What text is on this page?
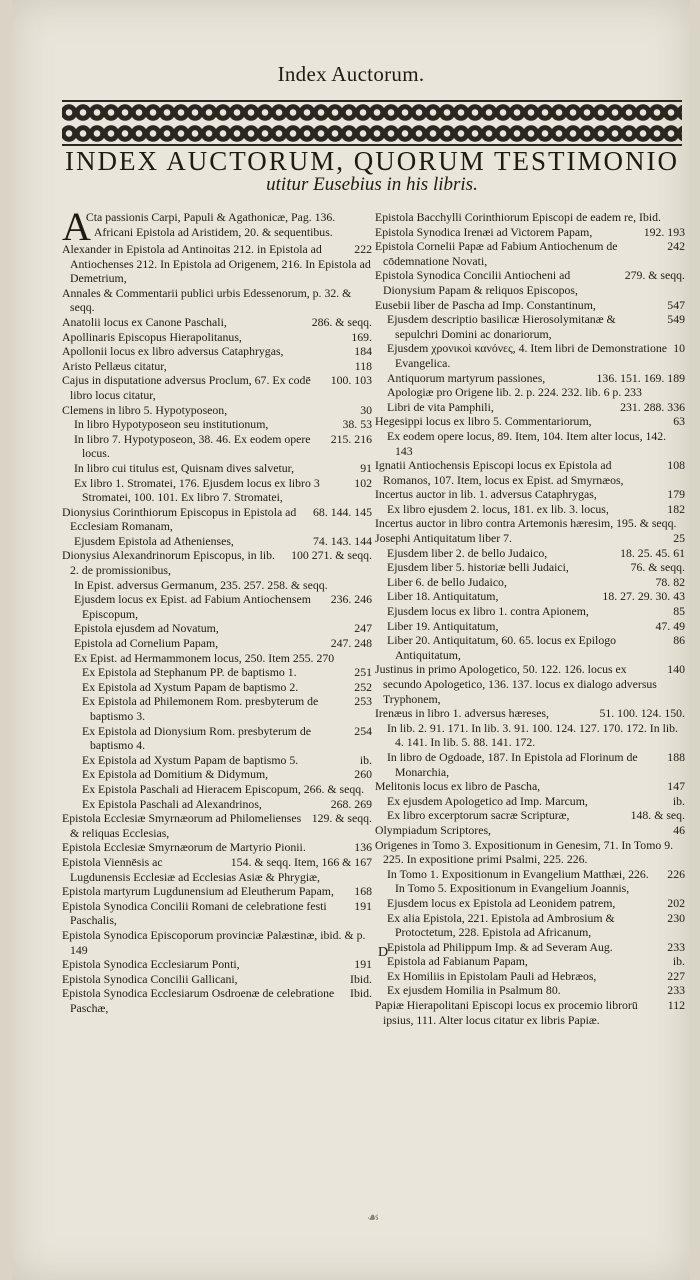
Index Auctorum.
INDEX AUCTORUM, QUORUM TESTIMONIO
utitur Eusebius in his libris.

A
Cta passionis Carpi, Papuli & Agathonicæ, Pag. 136. Africani Epistola ad Aristidem, 20. & sequentibus.

222
Alexander in Epistola ad Antinoitas 212. in Epistola ad Antiochenses 212. In Epistola ad Origenem, 216. In Epistola ad Demetrium,

Annales & Commentarii publici urbis Edessenorum, p. 32. & seqq.

286. & seqq.
Anatolii locus ex Canone Paschali,

169.
Apollinaris Episcopus Hierapolitanus,

184
Apollonii locus ex libro adversus Cataphrygas,

118
Aristo Pellæus citatur,

100. 103
Cajus in disputatione adversus Proclum, 67. Ex codē libro locus citatur,

30
Clemens in libro 5. Hypotyposeon,

38. 53
In libro Hypotyposeon seu institutionum,

215. 216
In libro 7. Hypotyposeon, 38. 46. Ex eodem opere locus.

91
In libro cui titulus est, Quisnam dives salvetur,

102
Ex libro 1. Stromatei, 176. Ejusdem locus ex libro 3 Stromatei, 100. 101. Ex libro 7. Stromatei,

68. 144. 145
Dionysius Corinthiorum Episcopus in Epistola ad Ecclesiam Romanam,

74. 143. 144
Ejusdem Epistola ad Athenienses,

100 271. & seqq.
Dionysius Alexandrinorum Episcopus, in lib. 2. de promissionibus,

In Epist. adversus Germanum, 235. 257. 258. & seqq.

236. 246
Ejusdem locus ex Epist. ad Fabium Antiochensem Episcopum,

247
Epistola ejusdem ad Novatum,

247. 248
Epistola ad Cornelium Papam,

Ex Epist. ad Hermammonem locus, 250. Item 255. 270

251
Ex Epistola ad Stephanum PP. de baptismo 1.

252
Ex Epistola ad Xystum Papam de baptismo 2.

253
Ex Epistola ad Philemonem Rom. presbyterum de baptismo 3.

254
Ex Epistola ad Dionysium Rom. presbyterum de baptismo 4.

ib.
Ex Epistola ad Xystum Papam de baptismo 5.

260
Ex Epistola ad Domitium & Didymum,

Ex Epistola Paschali ad Hieracem Episcopum, 266. & seqq.

268. 269
Ex Epistola Paschali ad Alexandrinos,

129. & seqq.
Epistola Ecclesiæ Smyrnæorum ad Philomelienses & reliquas Ecclesias,

136
Epistola Ecclesiæ Smyrnæorum de Martyrio Pionii.

154. & seqq. Item, 166 & 167
Epistola Viennēsis ac Lugdunensis Ecclesiæ ad Ecclesias Asiæ & Phrygiæ,

168
Epistola martyrum Lugdunensium ad Eleutherum Papam,

191
Epistola Synodica Concilii Romani de celebratione festi Paschalis,

Epistola Synodica Episcoporum provinciæ Palæstinæ, ibid. & p. 149

191
Epistola Synodica Ecclesiarum Ponti,

Ibid.
Epistola Synodica Concilii Gallicani,

Ibid.
Epistola Synodica Ecclesiarum Osdroenæ de celebratione Paschæ,

Epistola Bacchylli Corinthiorum Episcopi de eadem re, Ibid.

192. 193
Epistola Synodica Irenæi ad Victorem Papam,

242
Epistola Cornelii Papæ ad Fabium Antiochenum de cōdemnatione Novati,

279. & seqq.
Epistola Synodica Concilii Antiocheni ad Dionysium Papam & reliquos Episcopos,

547
Eusebii liber de Pascha ad Imp. Constantinum,

549
Ejusdem descriptio basilicæ Hierosolymitanæ & sepulchri Domini ac donariorum,

10
Ejusdem χρονικοὶ κανόνες, 4. Item libri de Demonstratione Evangelica.

136. 151. 169. 189
Antiquorum martyrum passiones,

Apologiæ pro Origene lib. 2. p. 224. 232. lib. 6 p. 233

231. 288. 336
Libri de vita Pamphili,

63
Hegesippi locus ex libro 5. Commentariorum,

Ex eodem opere locus, 89. Item, 104. Item alter locus, 142. 143

108
Ignatii Antiochensis Episcopi locus ex Epistola ad Romanos, 107. Item, locus ex Epist. ad Smyrnæos,

179
Incertus auctor in lib. 1. adversus Cataphrygas,

182
Ex libro ejusdem 2. locus, 181. ex lib. 3. locus,

Incertus auctor in libro contra Artemonis hæresim, 195. & seqq.

25
Josephi Antiquitatum liber 7.

18. 25. 45. 61
Ejusdem liber 2. de bello Judaico,

76. & seqq.
Ejusdem liber 5. historiæ belli Judaici,

78. 82
Liber 6. de bello Judaico,

18. 27. 29. 30. 43
Liber 18. Antiquitatum,

85
Ejusdem locus ex libro 1. contra Apionem,

47. 49
Liber 19. Antiquitatum,

86
Liber 20. Antiquitatum, 60. 65. locus ex Epilogo Antiquitatum,

140
Justinus in primo Apologetico, 50. 122. 126. locus ex secundo Apologetico, 136. 137. locus ex dialogo adversus Tryphonem,

51. 100. 124. 150.
Irenæus in libro 1. adversus hæreses,

In lib. 2. 91. 171. In lib. 3. 91. 100. 124. 127. 170. 172. In lib. 4. 141. In lib. 5. 88. 141. 172.

188
In libro de Ogdoade, 187. In Epistola ad Florinum de Monarchia,

147
Melitonis locus ex libro de Pascha,

ib.
Ex ejusdem Apologetico ad Imp. Marcum,

148. & seq.
Ex libro excerptorum sacræ Scripturæ,

46
Olympiadum Scriptores,

Origenes in Tomo 3. Expositionum in Genesim, 71. In Tomo 9. 225. In expositione primi Psalmi, 225. 226.

226
In Tomo 1. Expositionum in Evangelium Matthæi, 226. In Tomo 5. Expositionum in Evangelium Joannis,

202
Ejusdem locus ex Epistola ad Leonidem patrem,

230
Ex alia Epistola, 221. Epistola ad Ambrosium & Protoctetum, 228. Epistola ad Africanum,

233
Epistola ad Philippum Imp. & ad Severam Aug.

ib.
Epistola ad Fabianum Papam,

227
Ex Homiliis in Epistolam Pauli ad Hebræos,

233
Ex ejusdem Homilia in Psalmum 80.

112
Papiæ Hierapolitani Episcopi locus ex procemio librorū ipsius, 111. Alter locus citatur ex libris Papiæ.

D
☙
